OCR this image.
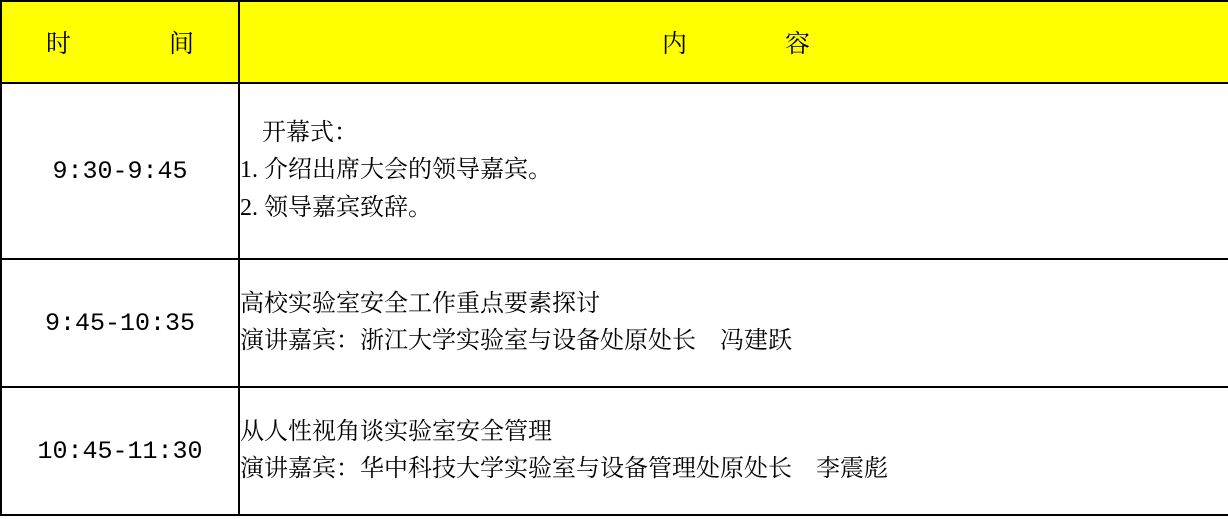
时　　间	内　　容
9:30-9:45	开幕式：
1. 介绍出席大会的领导嘉宾。
2. 领导嘉宾致辞。

9:45-10:35	高校实验室安全工作重点要素探讨
演讲嘉宾：浙江大学实验室与设备处原处长　冯建跃

10:45-11:30	从人性视角谈实验室安全管理
演讲嘉宾：华中科技大学实验室与设备管理处原处长　李震彪
